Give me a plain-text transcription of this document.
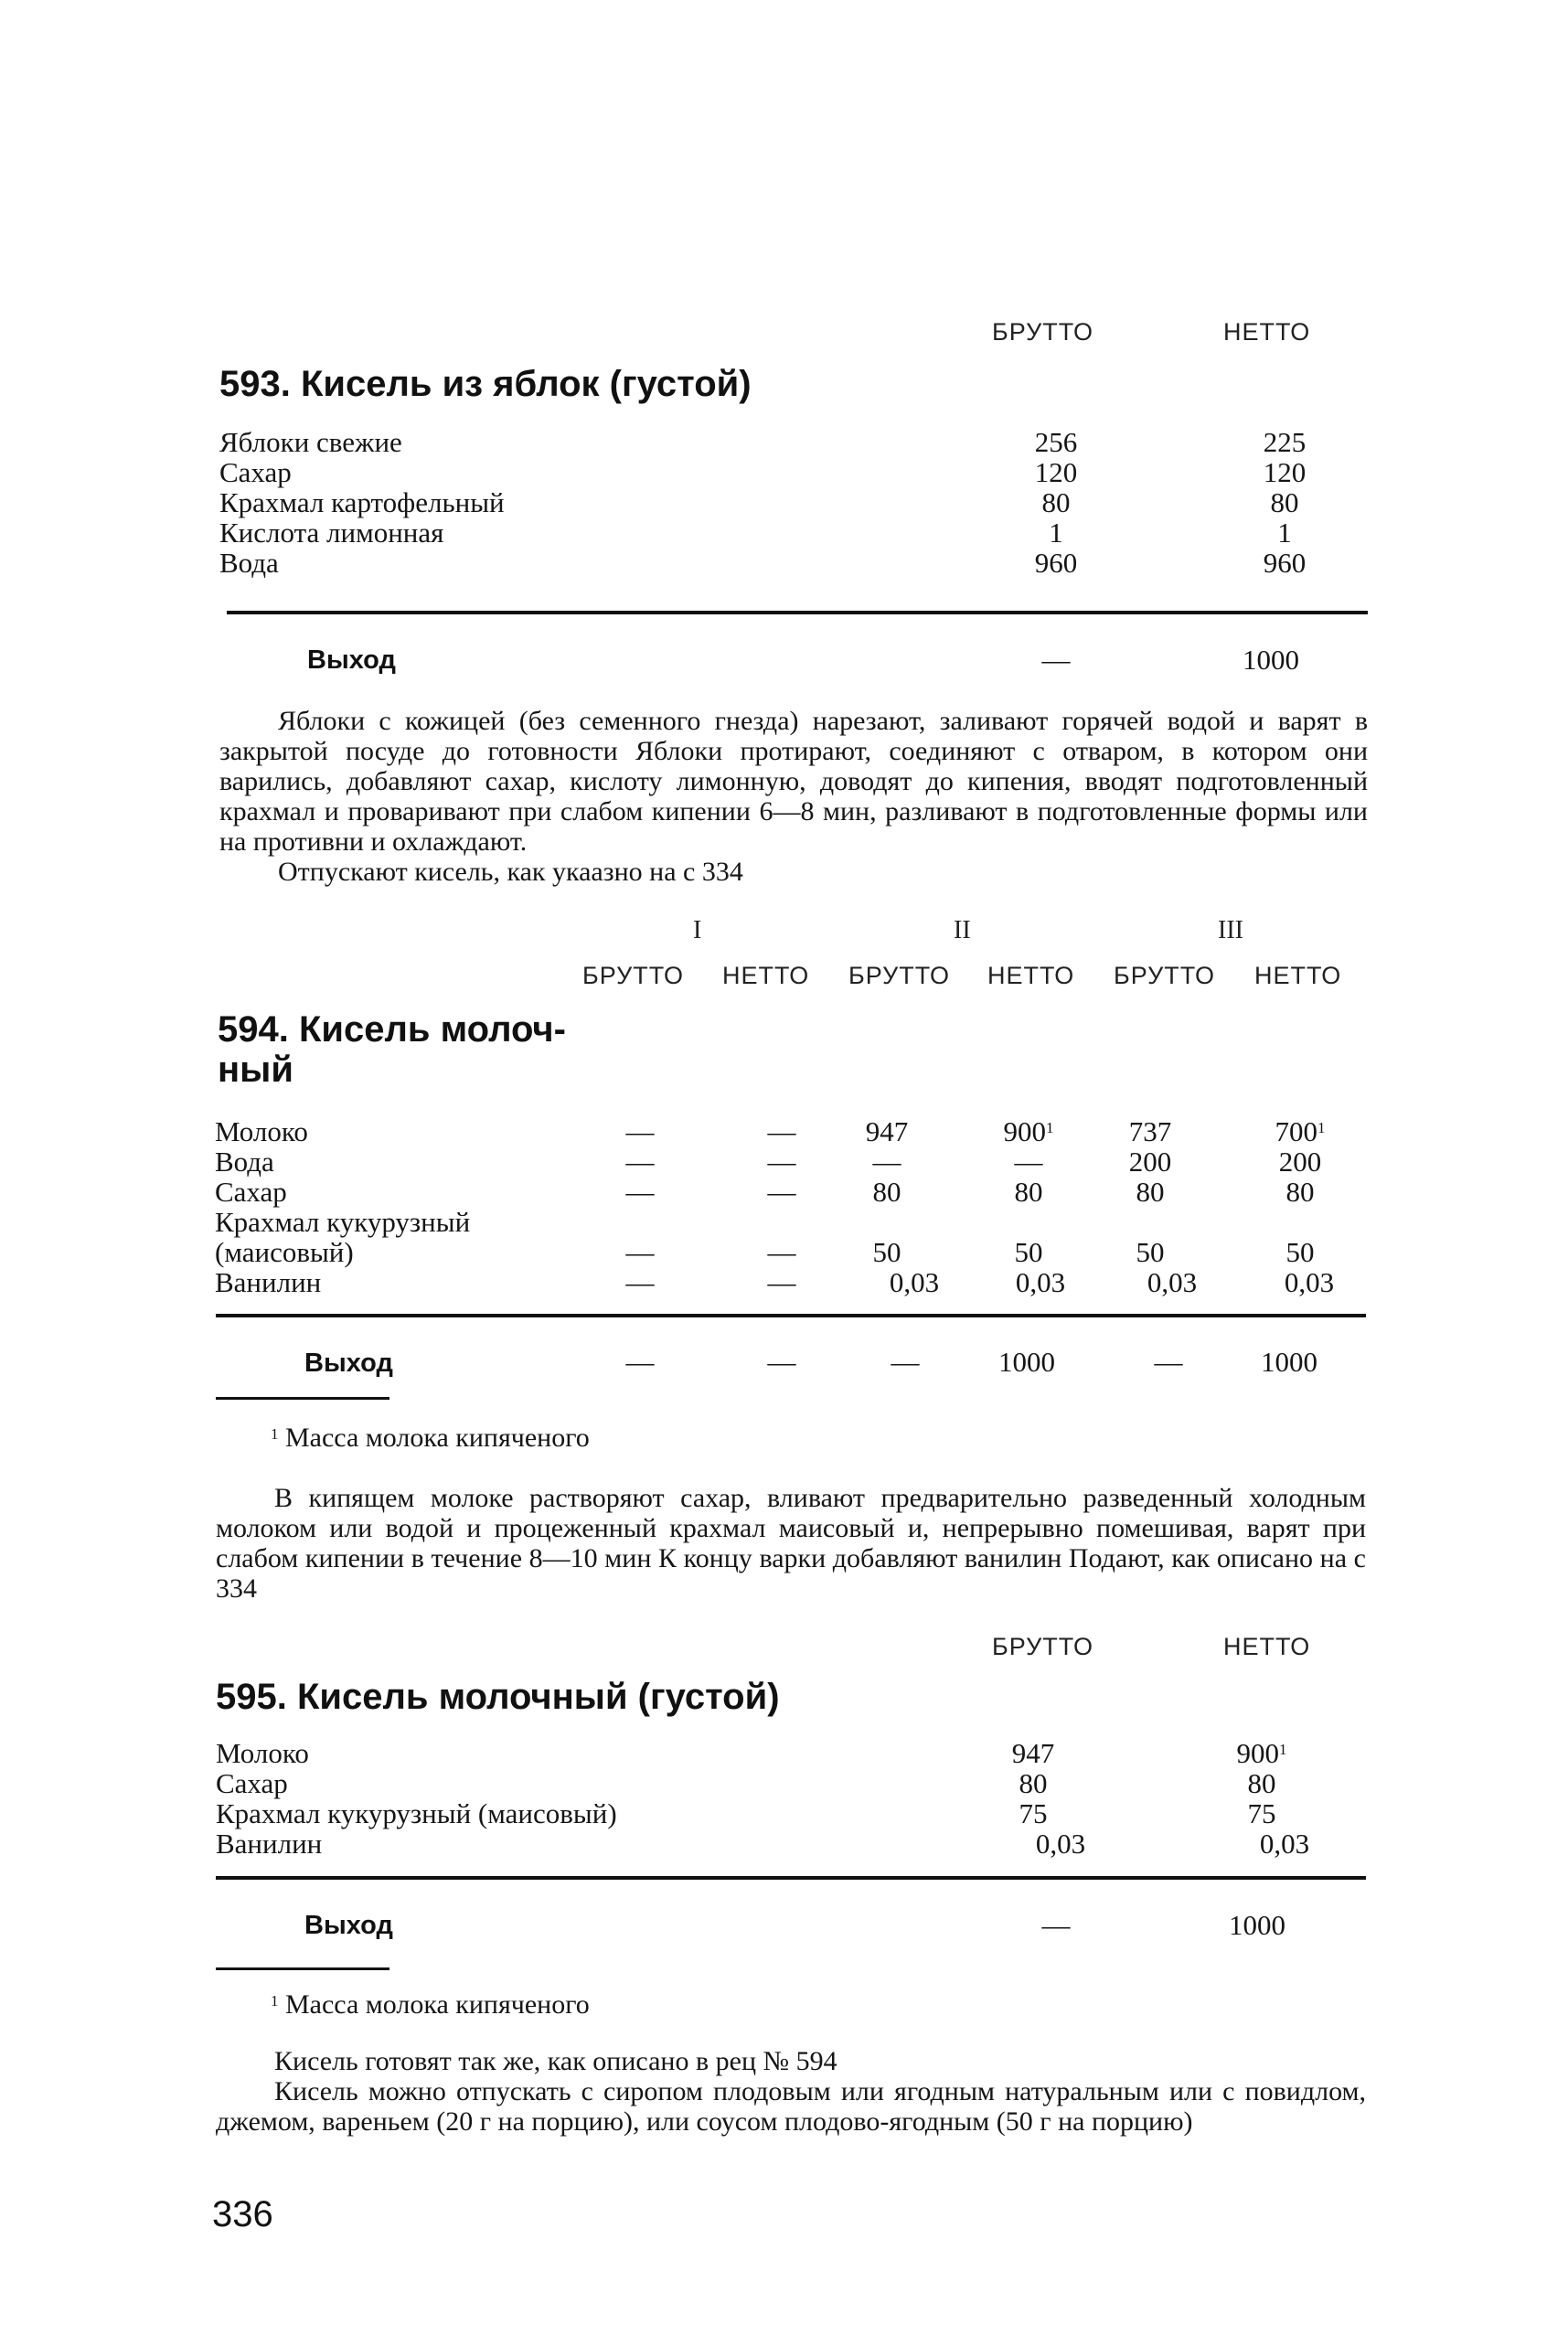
БРУТТО	НЕТТО
593. Кисель из яблок (густой)
Яблоки свежие	256	225
Сахар	120	120
Крахмал картофельный	80	80
Кислота лимонная	1	1
Вода	960	960
Выход	—	1000

Яблоки с кожицей (без семенного гнезда) нарезают, заливают горячей водой и варят в закрытой посуде до готовности Яблоки протирают, соединяют с отваром, в котором они варились, добавляют сахар, кислоту лимонную, доводят до кипения, вводят подготовленный крахмал и проваривают при слабом кипении 6—8 мин, разливают в подготовленные формы или на противни и охлаждают.

Отпускают кисель, как укаазно на с 334

I	II	III
БРУТТО НЕТТО БРУТТО НЕТТО БРУТТО НЕТТО
594. Кисель молоч-
ный
Молоко	—	—	947	$900^1$	737	$700^1$
Вода	—	—	—	—	200	200
Сахар	—	—	80	80	80	80
Крахмал кукурузный
(маисовый)	—	—	50	50	50	50
Ванилин	—	—	0,03	0,03	0,03	0,03
Выход	—	—	—	1000	—	1000
$^1$ Масса молока кипяченого

В кипящем молоке растворяют сахар, вливают предварительно разведенный холодным молоком или водой и процеженный крахмал маисовый и, непрерывно помешивая, варят при слабом кипении в течение 8—10 мин К концу варки добавляют ванилин Подают, как описано на с 334

БРУТТО	НЕТТО
595. Кисель молочный (густой)
Молоко	947	$900^1$
Сахар	80	80
Крахмал кукурузный (маисовый)	75	75
Ванилин	0,03	0,03
Выход	—	1000
$^1$ Масса молока кипяченого

Кисель готовят так же, как описано в рец № 594

Кисель можно отпускать с сиропом плодовым или ягодным натуральным или с повидлом, джемом, вареньем (20 г на порцию), или соусом плодово-ягодным (50 г на порцию)

336
